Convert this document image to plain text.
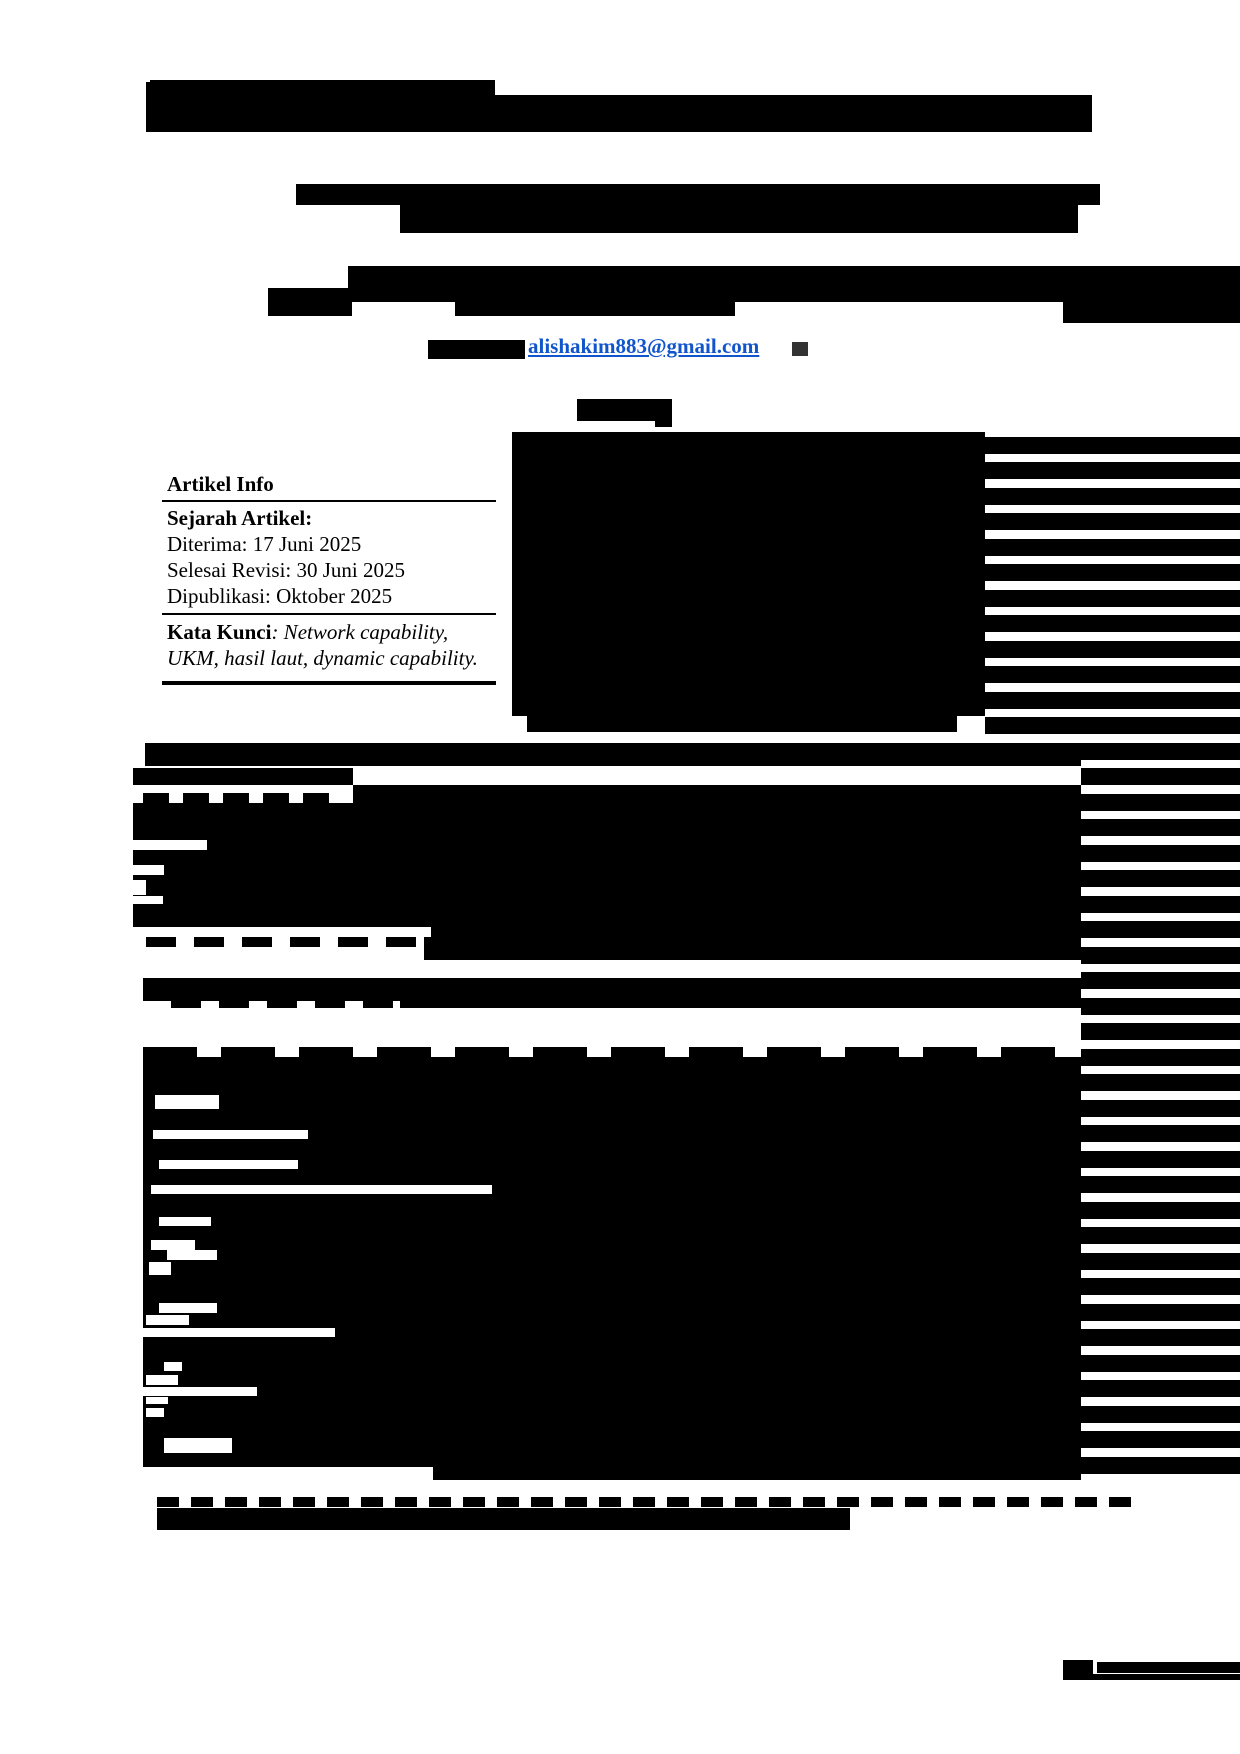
alishakim883@gmail.com
Artikel Info
Sejarah Artikel:
Diterima: 17 Juni 2025
Selesai Revisi: 30 Juni 2025
Dipublikasi: Oktober 2025
Kata Kunci: Network capability, UKM, hasil laut, dynamic capability.
